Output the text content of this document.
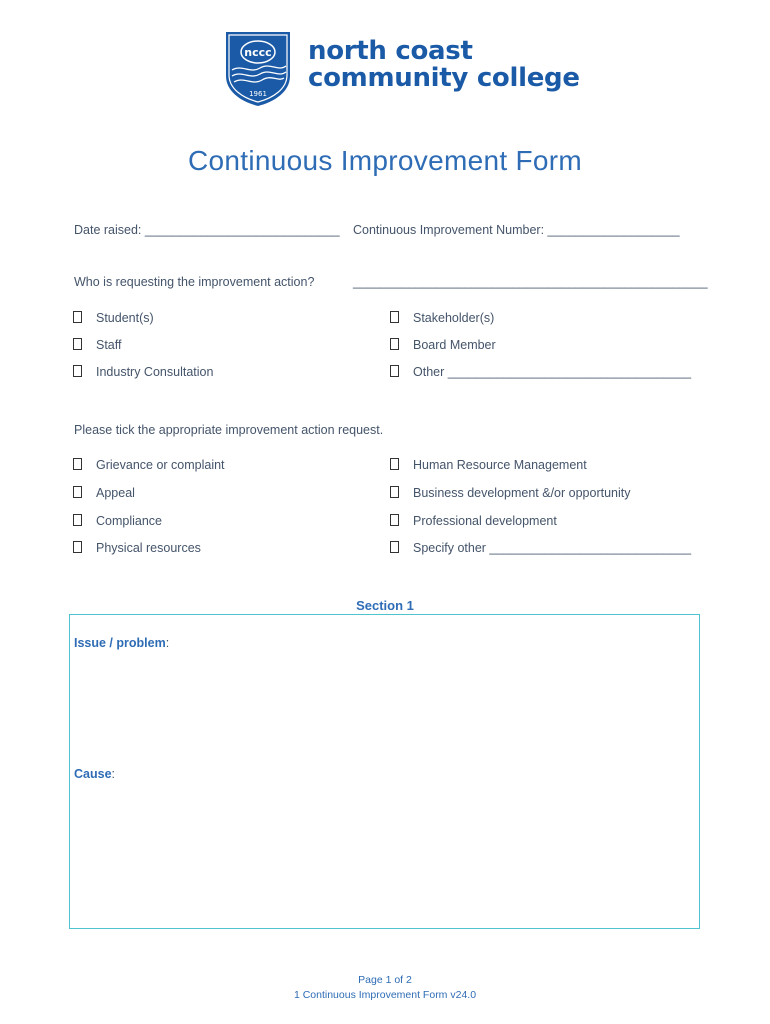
nccc
1961
north coast
community college
Continuous Improvement Form
Date raised: ____________________________ Continuous Improvement Number: ___________________
Who is requesting the improvement action?	___________________________________________________
Student(s)
Staff
Industry Consultation
Stakeholder(s)
Board Member
Other ___________________________________
Please tick the appropriate improvement action request.
Grievance or complaint
Appeal
Compliance
Physical resources
Human Resource Management
Business development &/or opportunity
Professional development
Specify other _____________________________
Section 1
Issue / problem:
Cause:
Page 1 of 2
1 Continuous Improvement Form v24.0
